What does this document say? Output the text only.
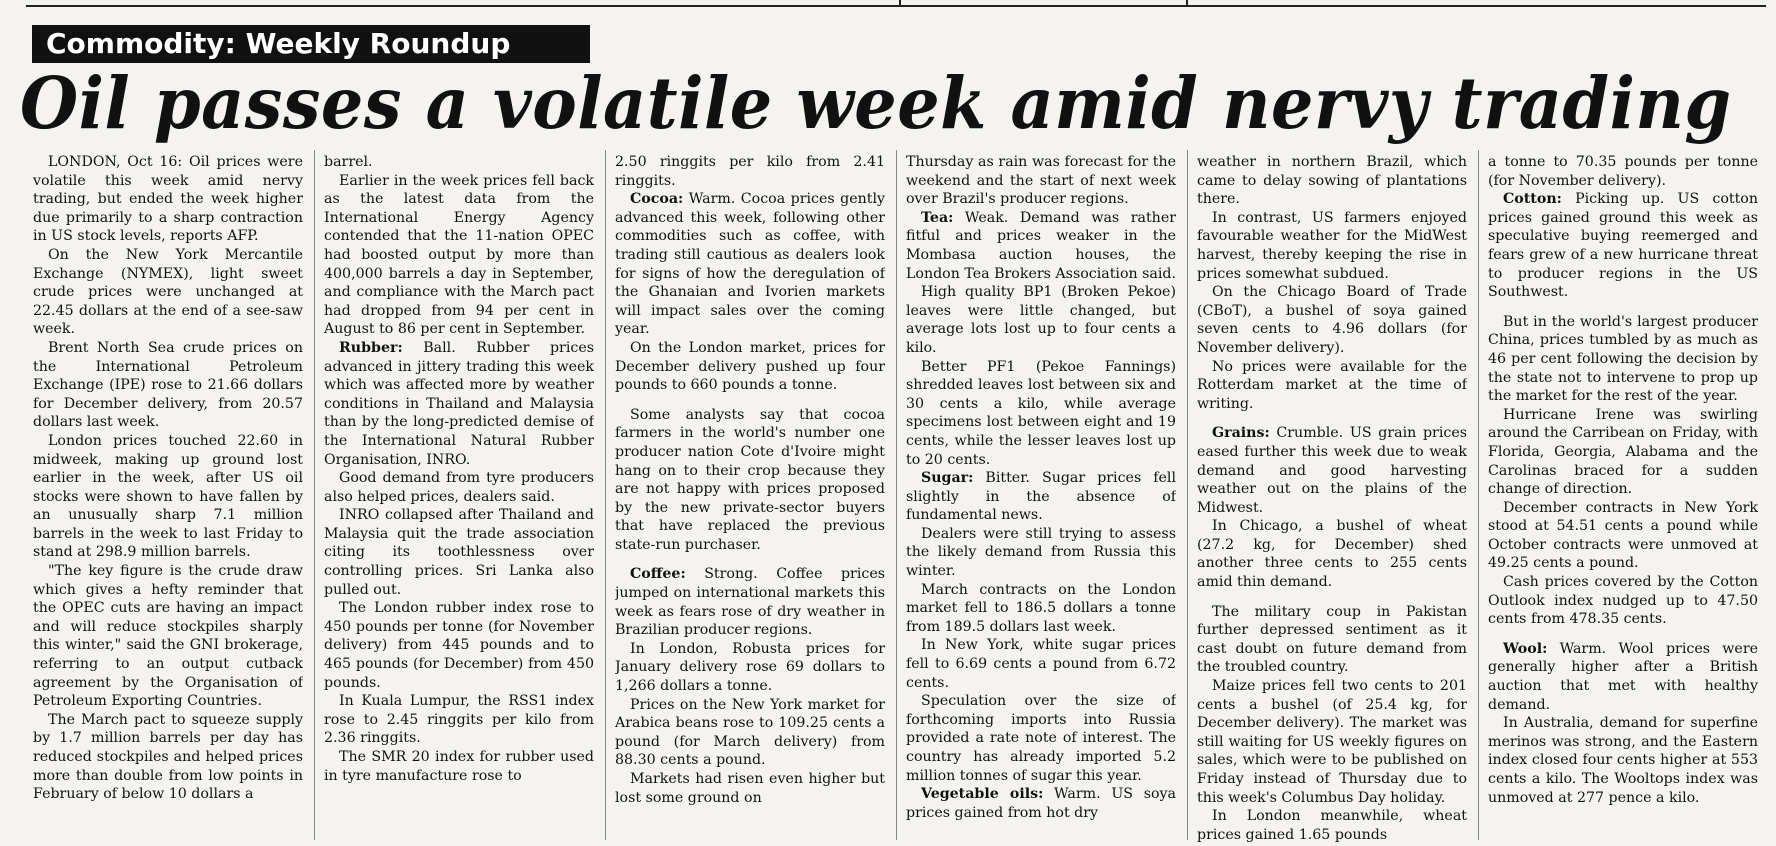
Commodity: Weekly Roundup
Oil passes a volatile week amid nervy trading

LONDON, Oct 16: Oil prices were volatile this week amid nervy trading, but ended the week higher due primarily to a sharp contraction in US stock levels, reports AFP.

On the New York Mercantile Exchange (NYMEX), light sweet crude prices were unchanged at 22.45 dollars at the end of a see-saw week.

Brent North Sea crude prices on the International Petroleum Exchange (IPE) rose to 21.66 dollars for December delivery, from 20.57 dollars last week.

London prices touched 22.60 in midweek, making up ground lost earlier in the week, after US oil stocks were shown to have fallen by an unusually sharp 7.1 million barrels in the week to last Friday to stand at 298.9 million barrels.

"The key figure is the crude draw which gives a hefty reminder that the OPEC cuts are having an impact and will reduce stockpiles sharply this winter," said the GNI brokerage, referring to an output cutback agreement by the Organisation of Petroleum Exporting Countries.

The March pact to squeeze supply by 1.7 million barrels per day has reduced stockpiles and helped prices more than double from low points in February of below 10 dollars a

barrel.

Earlier in the week prices fell back as the latest data from the International Energy Agency contended that the 11-nation OPEC had boosted output by more than 400,000 barrels a day in September, and compliance with the March pact had dropped from 94 per cent in August to 86 per cent in September.

Rubber: Ball. Rubber prices advanced in jittery trading this week which was affected more by weather conditions in Thailand and Malaysia than by the long-predicted demise of the International Natural Rubber Organisation, INRO.

Good demand from tyre producers also helped prices, dealers said.

INRO collapsed after Thailand and Malaysia quit the trade association citing its toothlessness over controlling prices. Sri Lanka also pulled out.

The London rubber index rose to 450 pounds per tonne (for November delivery) from 445 pounds and to 465 pounds (for December) from 450 pounds.

In Kuala Lumpur, the RSS1 index rose to 2.45 ringgits per kilo from 2.36 ringgits.

The SMR 20 index for rubber used in tyre manufacture rose to

2.50 ringgits per kilo from 2.41 ringgits.

Cocoa: Warm. Cocoa prices gently advanced this week, following other commodities such as coffee, with trading still cautious as dealers look for signs of how the deregulation of the Ghanaian and Ivorien markets will impact sales over the coming year.

On the London market, prices for December delivery pushed up four pounds to 660 pounds a tonne.

Some analysts say that cocoa farmers in the world's number one producer nation Cote d'Ivoire might hang on to their crop because they are not happy with prices proposed by the new private-sector buyers that have replaced the previous state-run purchaser.

Coffee: Strong. Coffee prices jumped on international markets this week as fears rose of dry weather in Brazilian producer regions.

In London, Robusta prices for January delivery rose 69 dollars to 1,266 dollars a tonne.

Prices on the New York market for Arabica beans rose to 109.25 cents a pound (for March delivery) from 88.30 cents a pound.

Markets had risen even higher but lost some ground on

Thursday as rain was forecast for the weekend and the start of next week over Brazil's producer regions.

Tea: Weak. Demand was rather fitful and prices weaker in the Mombasa auction houses, the London Tea Brokers Association said.

High quality BP1 (Broken Pekoe) leaves were little changed, but average lots lost up to four cents a kilo.

Better PF1 (Pekoe Fannings) shredded leaves lost between six and 30 cents a kilo, while average specimens lost between eight and 19 cents, while the lesser leaves lost up to 20 cents.

Sugar: Bitter. Sugar prices fell slightly in the absence of fundamental news.

Dealers were still trying to assess the likely demand from Russia this winter.

March contracts on the London market fell to 186.5 dollars a tonne from 189.5 dollars last week.

In New York, white sugar prices fell to 6.69 cents a pound from 6.72 cents.

Speculation over the size of forthcoming imports into Russia provided a rate note of interest. The country has already imported 5.2 million tonnes of sugar this year.

Vegetable oils: Warm. US soya prices gained from hot dry

weather in northern Brazil, which came to delay sowing of plantations there.

In contrast, US farmers enjoyed favourable weather for the MidWest harvest, thereby keeping the rise in prices somewhat subdued.

On the Chicago Board of Trade (CBoT), a bushel of soya gained seven cents to 4.96 dollars (for November delivery).

No prices were available for the Rotterdam market at the time of writing.

Grains: Crumble. US grain prices eased further this week due to weak demand and good harvesting weather out on the plains of the Midwest.

In Chicago, a bushel of wheat (27.2 kg, for December) shed another three cents to 255 cents amid thin demand.

The military coup in Pakistan further depressed sentiment as it cast doubt on future demand from the troubled country.

Maize prices fell two cents to 201 cents a bushel (of 25.4 kg, for December delivery). The market was still waiting for US weekly figures on sales, which were to be published on Friday instead of Thursday due to this week's Columbus Day holiday.

In London meanwhile, wheat prices gained 1.65 pounds

a tonne to 70.35 pounds per tonne (for November delivery).

Cotton: Picking up. US cotton prices gained ground this week as speculative buying reemerged and fears grew of a new hurricane threat to producer regions in the US Southwest.

But in the world's largest producer China, prices tumbled by as much as 46 per cent following the decision by the state not to intervene to prop up the market for the rest of the year.

Hurricane Irene was swirling around the Carribean on Friday, with Florida, Georgia, Alabama and the Carolinas braced for a sudden change of direction.

December contracts in New York stood at 54.51 cents a pound while October contracts were unmoved at 49.25 cents a pound.

Cash prices covered by the Cotton Outlook index nudged up to 47.50 cents from 478.35 cents.

Wool: Warm. Wool prices were generally higher after a British auction that met with healthy demand.

In Australia, demand for superfine merinos was strong, and the Eastern index closed four cents higher at 553 cents a kilo. The Wooltops index was unmoved at 277 pence a kilo.
